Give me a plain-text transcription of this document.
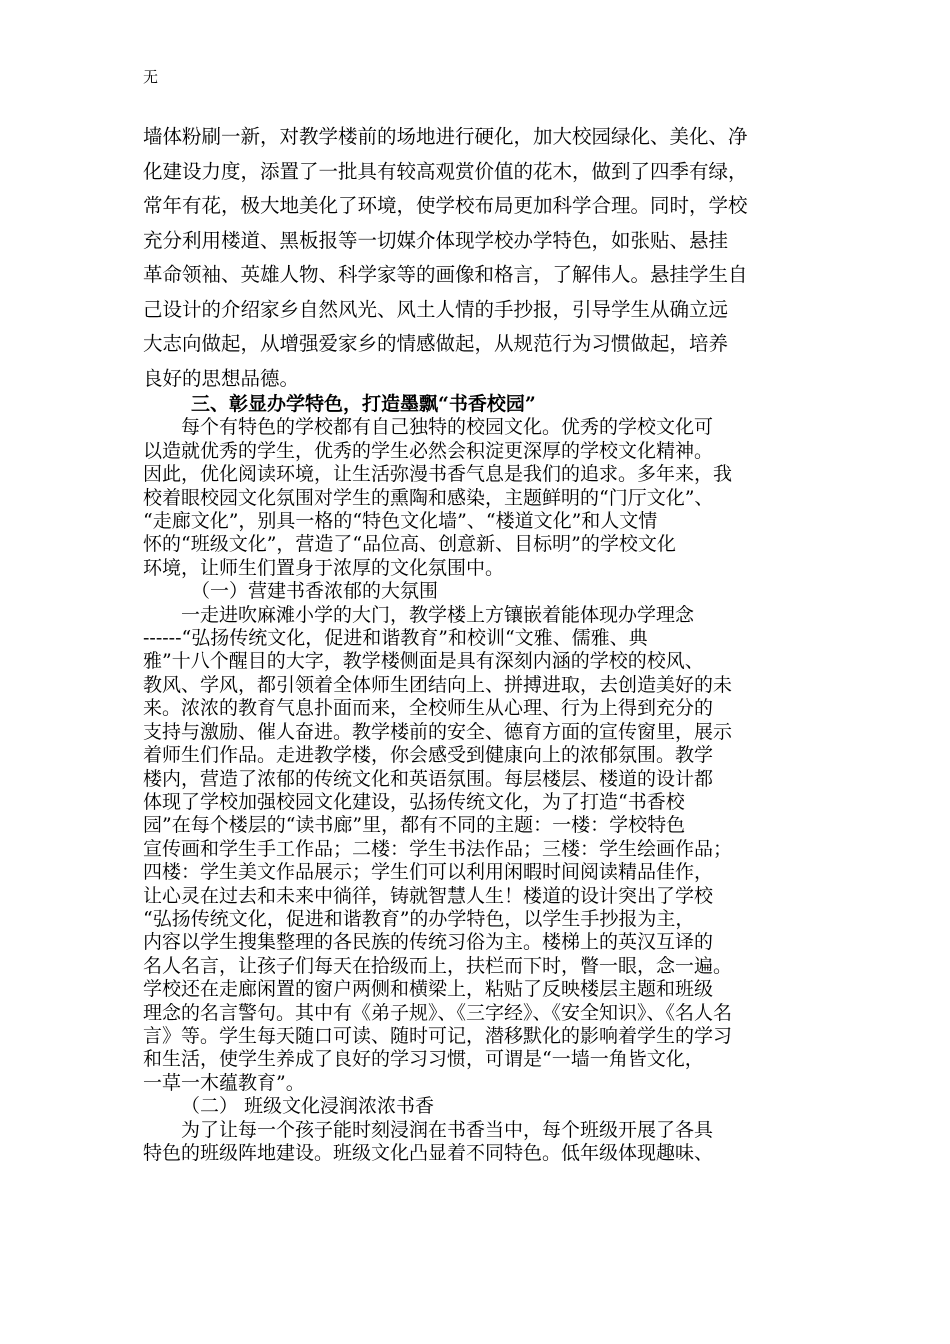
无
墙体粉刷一新，对教学楼前的场地进行硬化，加大校园绿化、美化、净
化建设力度，添置了一批具有较高观赏价值的花木，做到了四季有绿，
常年有花，极大地美化了环境，使学校布局更加科学合理。同时，学校
充分利用楼道、黑板报等一切媒介体现学校办学特色，如张贴、悬挂
革命领袖、英雄人物、科学家等的画像和格言，了解伟人。悬挂学生自
己设计的介绍家乡自然风光、风土人情的手抄报，引导学生从确立远
大志向做起，从增强爱家乡的情感做起，从规范行为习惯做起，培养
良好的思想品德。
三、彰显办学特色，打造墨飘“书香校园”
每个有特色的学校都有自己独特的校园文化。优秀的学校文化可
以造就优秀的学生，优秀的学生必然会积淀更深厚的学校文化精神。
因此，优化阅读环境，让生活弥漫书香气息是我们的追求。多年来，我
校着眼校园文化氛围对学生的熏陶和感染，主题鲜明的“门厅文化”、
“走廊文化”，别具一格的“特色文化墙”、“楼道文化”和人文情
怀的“班级文化”，营造了“品位高、创意新、目标明”的学校文化
环境，让师生们置身于浓厚的文化氛围中。
（一）营建书香浓郁的大氛围
一走进吹麻滩小学的大门，教学楼上方镶嵌着能体现办学理念
------“弘扬传统文化，促进和谐教育”和校训“文雅、儒雅、典
雅”十八个醒目的大字，教学楼侧面是具有深刻内涵的学校的校风、
教风、学风，都引领着全体师生团结向上、拼搏进取，去创造美好的未
来。浓浓的教育气息扑面而来，全校师生从心理、行为上得到充分的
支持与激励、催人奋进。教学楼前的安全、德育方面的宣传窗里，展示
着师生们作品。走进教学楼，你会感受到健康向上的浓郁氛围。教学
楼内，营造了浓郁的传统文化和英语氛围。每层楼层、楼道的设计都
体现了学校加强校园文化建设，弘扬传统文化，为了打造“书香校
园”在每个楼层的“读书廊”里，都有不同的主题：一楼：学校特色
宣传画和学生手工作品；二楼：学生书法作品；三楼：学生绘画作品；
四楼：学生美文作品展示；学生们可以利用闲暇时间阅读精品佳作，
让心灵在过去和未来中徜徉，铸就智慧人生！楼道的设计突出了学校
“弘扬传统文化，促进和谐教育”的办学特色，以学生手抄报为主，
内容以学生搜集整理的各民族的传统习俗为主。楼梯上的英汉互译的
名人名言，让孩子们每天在拾级而上，扶栏而下时，瞥一眼，念一遍。
学校还在走廊闲置的窗户两侧和横梁上，粘贴了反映楼层主题和班级
理念的名言警句。其中有《弟子规》、《三字经》、《安全知识》、《名人名
言》等。学生每天随口可读、随时可记，潜移默化的影响着学生的学习
和生活，使学生养成了良好的学习习惯，可谓是“一墙一角皆文化，
一草一木蕴教育”。
（二） 班级文化浸润浓浓书香
为了让每一个孩子能时刻浸润在书香当中，每个班级开展了各具
特色的班级阵地建设。班级文化凸显着不同特色。低年级体现趣味、
